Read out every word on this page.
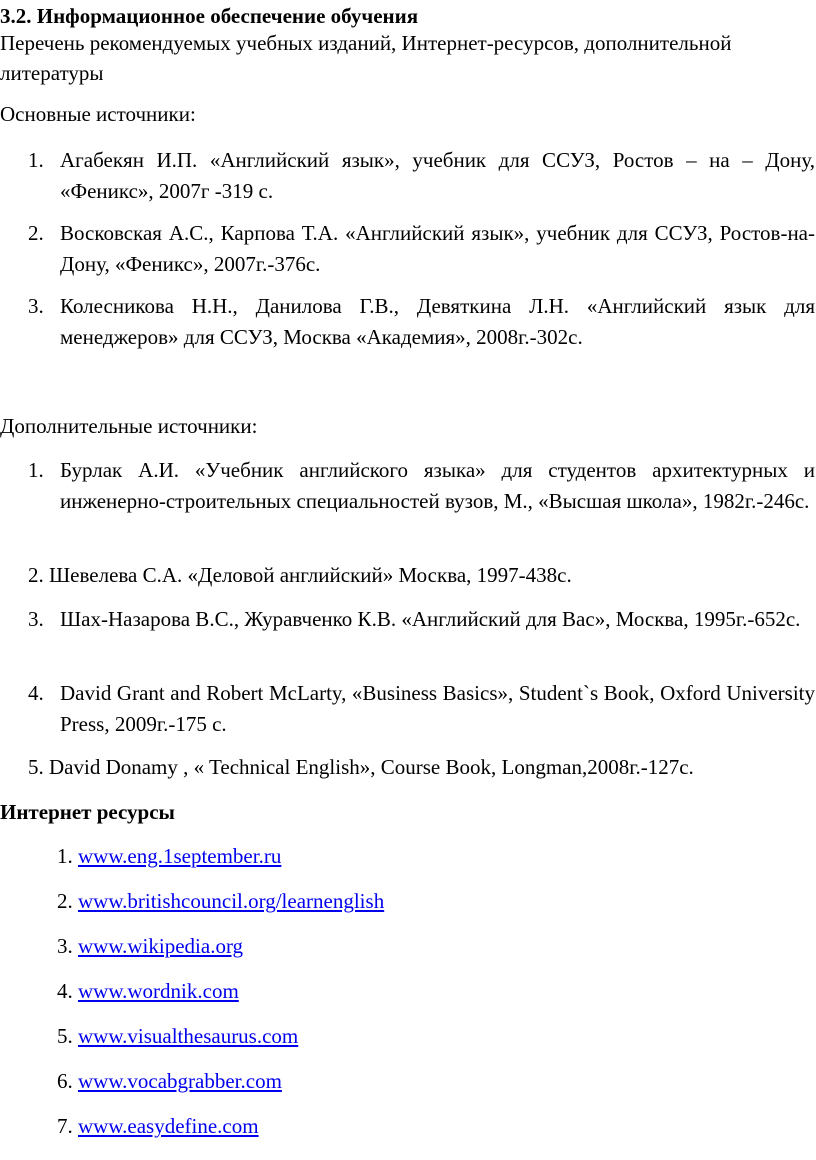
3.2. Информационное обеспечение обучения
Перечень рекомендуемых учебных изданий, Интернет-ресурсов, дополнительной литературы
Основные источники:
1. Агабекян И.П. «Английский язык», учебник для ССУЗ, Ростов – на – Дону, «Феникс», 2007г -319 с.
2. Восковская А.С., Карпова Т.А. «Английский язык», учебник для ССУЗ, Ростов-на-Дону, «Феникс», 2007г.-376с.
3. Колесникова Н.Н., Данилова Г.В., Девяткина Л.Н. «Английский язык для менеджеров» для ССУЗ, Москва «Академия», 2008г.-302с.
Дополнительные источники:
1. Бурлак А.И. «Учебник английского языка» для студентов архитектурных и инженерно-строительных специальностей вузов, М., «Высшая школа», 1982г.-246с.
2. Шевелева С.А. «Деловой английский» Москва, 1997-438с.
3. Шах-Назарова В.С., Журавченко К.В. «Английский для Вас», Москва, 1995г.-652с.
4. David Grant and Robert McLarty, «Business Basics», Student`s Book, Oxford University Press, 2009г.-175 с.
5. David Donamy , « Technical English», Course Book, Longman,2008г.-127с.
Интернет ресурсы
1. www.eng.1september.ru
2. www.britishcouncil.org/learnenglish
3. www.wikipedia.org
4. www.wordnik.com
5. www.visualthesaurus.com
6. www.vocabgrabber.com
7. www.easydefine.com
